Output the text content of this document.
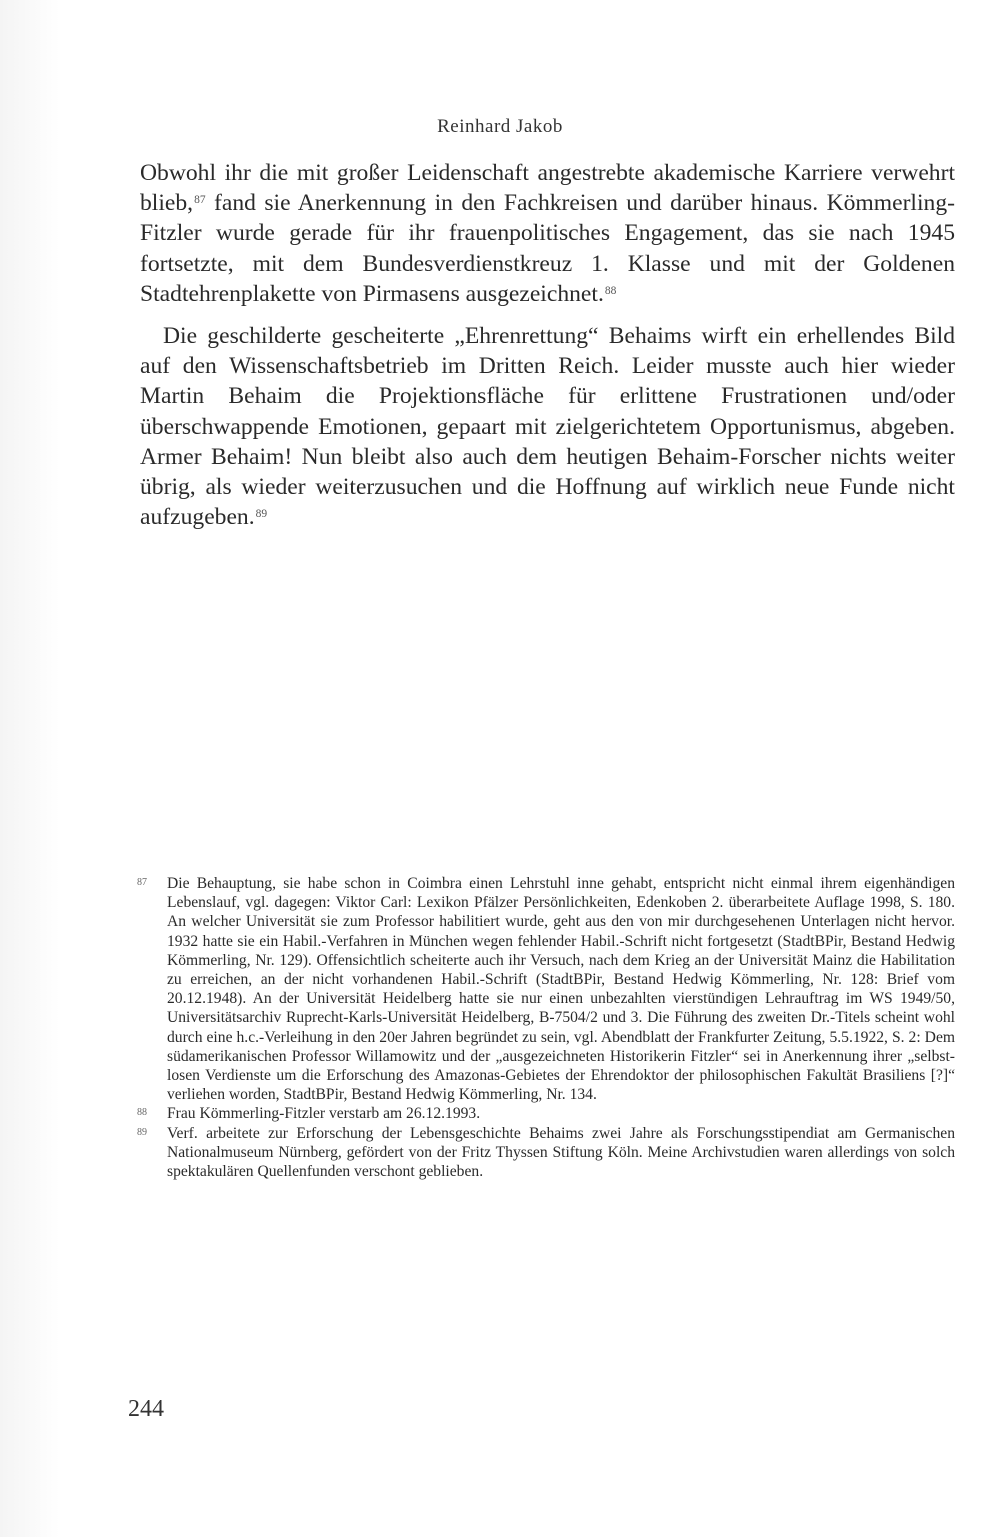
Reinhard Jakob

Obwohl ihr die mit großer Leidenschaft angestrebte akademische Karriere verwehrt blieb,$^{87}$ fand sie Anerkennung in den Fachkreisen und darüber hinaus. Kömmerling-Fitzler wurde gerade für ihr frauenpolitisches Engagement, das sie nach 1945 fortsetzte, mit dem Bundesverdienstkreuz 1. Klasse und mit der Goldenen Stadtehrenplakette von Pirmasens ausgezeichnet.$^{88}$

Die geschilderte gescheiterte „Ehrenrettung“ Behaims wirft ein erhellendes Bild auf den Wissenschaftsbetrieb im Dritten Reich. Leider musste auch hier wieder Martin Behaim die Projektionsfläche für erlittene Frustrationen und/​oder überschwappende Emotionen, gepaart mit zielgerichtetem Opportunismus, abgeben. Armer Behaim! Nun bleibt also auch dem heutigen Behaim-Forscher nichts weiter übrig, als wieder weiterzusuchen und die Hoffnung auf wirklich neue Funde nicht aufzugeben.$^{89}$

87 Die Behauptung, sie habe schon in Coimbra einen Lehrstuhl inne gehabt, entspricht nicht einmal ihrem eigenhändigen Lebenslauf, vgl. dagegen: Viktor Carl: Lexikon Pfälzer Persönlichkeiten, Edenkoben 2. überarbeitete Auflage 1998, S. 180. An welcher Universität sie zum Professor habilitiert wurde, geht aus den von mir durchgesehenen Unterlagen nicht hervor. 1932 hatte sie ein Habil.-Verfahren in München wegen fehlender Habil.-Schrift nicht fortgesetzt (StadtBPir, Bestand Hedwig Kömmerling, Nr. 129). Offensichtlich scheiterte auch ihr Versuch, nach dem Krieg an der Universität Mainz die Habilitation zu erreichen, an der nicht vorhandenen Habil.-​Schrift (StadtBPir, Bestand Hedwig Kömmerling, Nr. 128: Brief vom 20.12.1948). An der Universität Heidelberg hatte sie nur einen unbezahlten vierstündigen Lehrauftrag im WS 1949/50, Universitätsarchiv Ruprecht-Karls-Universität Heidelberg, B-7504/2 und 3. Die Führung des zweiten Dr.-Titels scheint wohl durch eine h.c.-Verleihung in den 20er Jahren begründet zu sein, vgl. Abendblatt der Frankfurter Zeitung, 5.5.1922, S. 2: Dem südamerikanischen Professor Willamowitz und der „ausgezeichneten Historikerin Fitzler“ sei in Anerkennung ihrer „selbstlosen Verdienste um die Erforschung des Amazonas-Gebietes der Ehrendoktor der philosophischen Fakultät Brasiliens [?]“ verliehen worden, StadtBPir, Bestand Hedwig Kömmerling, Nr. 134.
88 Frau Kömmerling-Fitzler verstarb am 26.12.1993.
89 Verf. arbeitete zur Erforschung der Lebensgeschichte Behaims zwei Jahre als Forschungsstipendiat am Germanischen Nationalmuseum Nürnberg, gefördert von der Fritz Thyssen Stiftung Köln. Meine Archivstudien waren allerdings von solch spektakulären Quellenfunden verschont geblieben.
244
